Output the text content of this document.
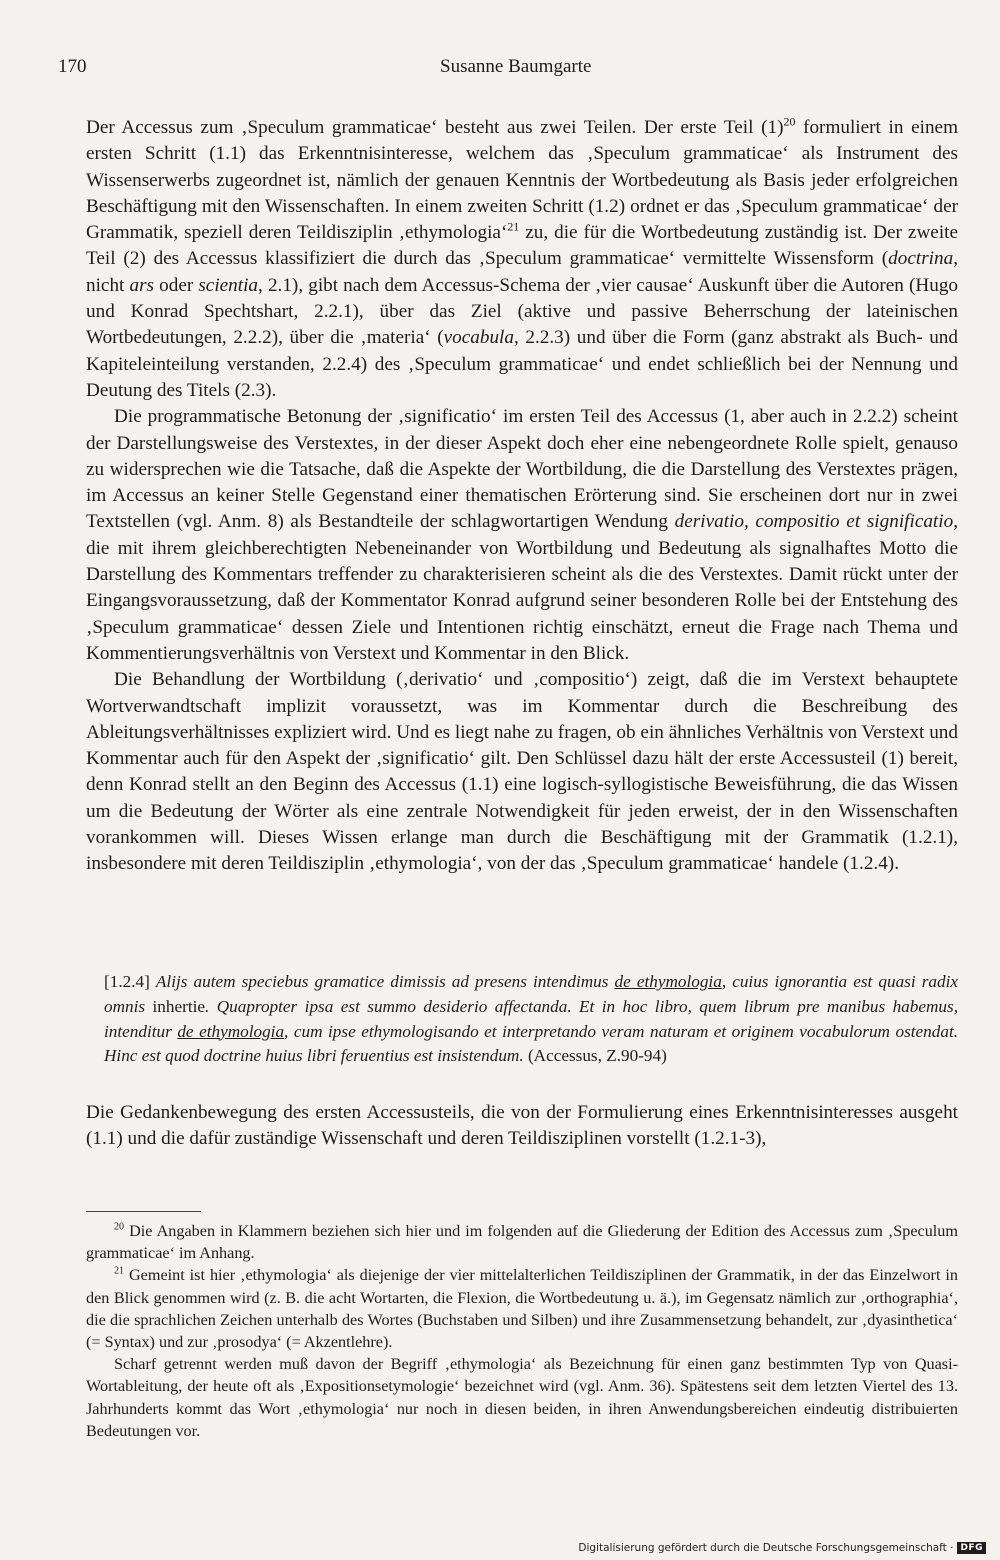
170	Susanne Baumgarte

Der Accessus zum ‚Speculum grammaticae‘ besteht aus zwei Teilen. Der erste Teil $(1)^{20}$ formuliert in einem ersten Schritt (1.1) das Erkenntnisinteresse, welchem das ‚Speculum grammaticae‘ als Instrument des Wissenserwerbs zugeordnet ist, nämlich der genauen Kenntnis der Wortbedeutung als Basis jeder erfolgreichen Beschäftigung mit den Wissenschaften. In einem zweiten Schritt (1.2) ordnet er das ‚Speculum grammaticae‘ der Grammatik, speziell deren Teildisziplin ‚ethymologia‘$^{21}$ zu, die für die Wortbedeutung zuständig ist. Der zweite Teil (2) des Accessus klassifiziert die durch das ‚Speculum grammaticae‘ vermittelte Wissensform (doctrina, nicht ars oder scientia, 2.1), gibt nach dem Accessus-Schema der ‚vier causae‘ Auskunft über die Autoren (Hugo und Konrad Spechtshart, 2.2.1), über das Ziel (aktive und passive Beherrschung der lateinischen Wortbedeutungen, 2.2.2), über die ‚materia‘ (vocabula, 2.2.3) und über die Form (ganz abstrakt als Buch- und Kapiteleinteilung verstanden, 2.2.4) des ‚Speculum grammaticae‘ und endet schließlich bei der Nennung und Deutung des Titels (2.3).

Die programmatische Betonung der ‚significatio‘ im ersten Teil des Accessus (1, aber auch in 2.2.2) scheint der Darstellungsweise des Verstextes, in der dieser Aspekt doch eher eine nebengeordnete Rolle spielt, genauso zu widersprechen wie die Tatsache, daß die Aspekte der Wortbildung, die die Darstellung des Verstextes prägen, im Accessus an keiner Stelle Gegenstand einer thematischen Erörterung sind. Sie erscheinen dort nur in zwei Textstellen (vgl. Anm. 8) als Bestandteile der schlagwortartigen Wendung derivatio, compositio et significatio, die mit ihrem gleichberechtigten Nebeneinander von Wortbildung und Bedeutung als signalhaftes Motto die Darstellung des Kommentars treffender zu charakterisieren scheint als die des Verstextes. Damit rückt unter der Eingangsvoraussetzung, daß der Kommentator Konrad aufgrund seiner besonderen Rolle bei der Entstehung des ‚Speculum grammaticae‘ dessen Ziele und Intentionen richtig einschätzt, erneut die Frage nach Thema und Kommentierungsverhältnis von Verstext und Kommentar in den Blick.

Die Behandlung der Wortbildung (‚derivatio‘ und ‚compositio‘) zeigt, daß die im Verstext behauptete Wortverwandtschaft implizit voraussetzt, was im Kommentar durch die Beschreibung des Ableitungsverhältnisses expliziert wird. Und es liegt nahe zu fragen, ob ein ähnliches Verhältnis von Verstext und Kommentar auch für den Aspekt der ‚significatio‘ gilt. Den Schlüssel dazu hält der erste Accessusteil (1) bereit, denn Konrad stellt an den Beginn des Accessus (1.1) eine logisch-syllogistische Beweisführung, die das Wissen um die Bedeutung der Wörter als eine zentrale Notwendigkeit für jeden erweist, der in den Wissenschaften vorankommen will. Dieses Wissen erlange man durch die Beschäftigung mit der Grammatik (1.2.1), insbesondere mit deren Teildisziplin ‚ethymologia‘, von der das ‚Speculum grammaticae‘ handele (1.2.4).

[1.2.4] Alijs autem speciebus gramatice dimissis ad presens intendimus de ethymologia, cuius ignorantia est quasi radix omnis inhertie. Quapropter ipsa est summo desiderio affectanda. Et in hoc libro, quem librum pre manibus habemus, intenditur de ethymologia, cum ipse ethymologisando et interpretando veram naturam et originem vocabulorum ostendat. Hinc est quod doctrine huius libri feruentius est insistendum. (Accessus, Z.90-94)
Die Gedankenbewegung des ersten Accessusteils, die von der Formulierung eines Erkenntnisinteresses ausgeht (1.1) und die dafür zuständige Wissenschaft und deren Teildisziplinen vorstellt (1.2.1-3),

$^{20}$ Die Angaben in Klammern beziehen sich hier und im folgenden auf die Gliederung der Edition des Accessus zum ‚Speculum grammaticae‘ im Anhang.

$^{21}$ Gemeint ist hier ‚ethymologia‘ als diejenige der vier mittelalterlichen Teildisziplinen der Grammatik, in der das Einzelwort in den Blick genommen wird (z. B. die acht Wortarten, die Flexion, die Wortbedeutung u. ä.), im Gegensatz nämlich zur ‚orthographia‘, die die sprachlichen Zeichen unterhalb des Wortes (Buchstaben und Silben) und ihre Zusammensetzung behandelt, zur ‚dyasinthetica‘ (= Syntax) und zur ‚prosodya‘ (= Akzentlehre).

Scharf getrennt werden muß davon der Begriff ‚ethymologia‘ als Bezeichnung für einen ganz bestimmten Typ von Quasi-Wortableitung, der heute oft als ‚Expositionsetymologie‘ bezeichnet wird (vgl. Anm. 36). Spätestens seit dem letzten Viertel des 13. Jahrhunderts kommt das Wort ‚ethymologia‘ nur noch in diesen beiden, in ihren Anwendungsbereichen eindeutig distribuierten Bedeutungen vor.

Digitalisierung gefördert durch die Deutsche Forschungsgemeinschaft · DFG
